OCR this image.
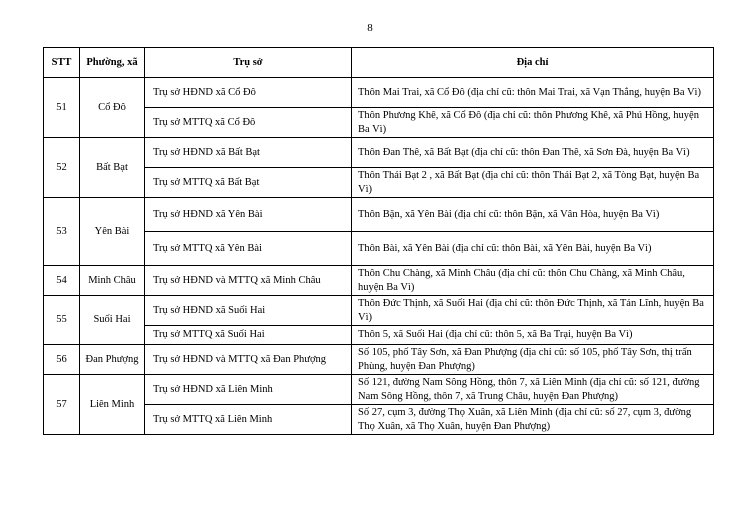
8
STT	Phường, xã	Trụ sở	Địa chỉ
51	Cổ Đô	Trụ sở HĐND xã Cổ Đô	Thôn Mai Trai, xã Cổ Đô (địa chỉ cũ: thôn Mai Trai, xã Vạn Thắng, huyện Ba Vì)
		Trụ sở MTTQ xã Cổ Đô	Thôn Phương Khê, xã Cổ Đô (địa chỉ cũ: thôn Phương Khê, xã Phú Hồng, huyện Ba Vì)
52	Bất Bạt	Trụ sở HĐND xã Bất Bạt	Thôn Đan Thê, xã Bất Bạt (địa chỉ cũ: thôn Đan Thê, xã Sơn Đà, huyện Ba Vì)
		Trụ sở MTTQ xã Bất Bạt	Thôn Thái Bạt 2 , xã Bất Bạt (địa chỉ cũ: thôn Thái Bạt 2, xã Tòng Bạt, huyện Ba Vì)
53	Yên Bài	Trụ sở HĐND xã Yên Bài	Thôn Bặn, xã Yên Bài (địa chỉ cũ: thôn Bặn, xã Vân Hòa, huyện Ba Vì)
		Trụ sở MTTQ xã Yên Bài	Thôn Bài, xã Yên Bài (địa chỉ cũ: thôn Bài, xã Yên Bài, huyện Ba Vì)
54	Minh Châu	Trụ sở HĐND và MTTQ xã Minh Châu	Thôn Chu Chàng, xã Minh Châu (địa chỉ cũ: thôn Chu Chàng, xã Minh Châu, huyện Ba Vì)
55	Suối Hai	Trụ sở HĐND xã Suối Hai	Thôn Đức Thịnh, xã Suối Hai (địa chỉ cũ: thôn Đức Thịnh, xã Tản Lĩnh, huyện Ba Vì)
		Trụ sở MTTQ xã Suối Hai	Thôn 5, xã Suối Hai (địa chỉ cũ: thôn 5, xã Ba Trại, huyện Ba Vì)
56	Đan Phượng	Trụ sở HĐND và MTTQ xã Đan Phượng	Số 105, phố Tây Sơn, xã Đan Phượng (địa chỉ cũ: số 105, phố Tây Sơn, thị trấn Phùng, huyện Đan Phượng)
57	Liên Minh	Trụ sở HĐND xã Liên Minh	Số 121, đường Nam Sông Hồng, thôn 7, xã Liên Minh (địa chỉ cũ: số 121, đường Nam Sông Hồng, thôn 7, xã Trung Châu, huyện Đan Phượng)
		Trụ sở MTTQ xã Liên Minh	Số 27, cụm 3, đường Thọ Xuân, xã Liên Minh (địa chỉ cũ: số 27, cụm 3, đường Thọ Xuân, xã Thọ Xuân, huyện Đan Phượng)
